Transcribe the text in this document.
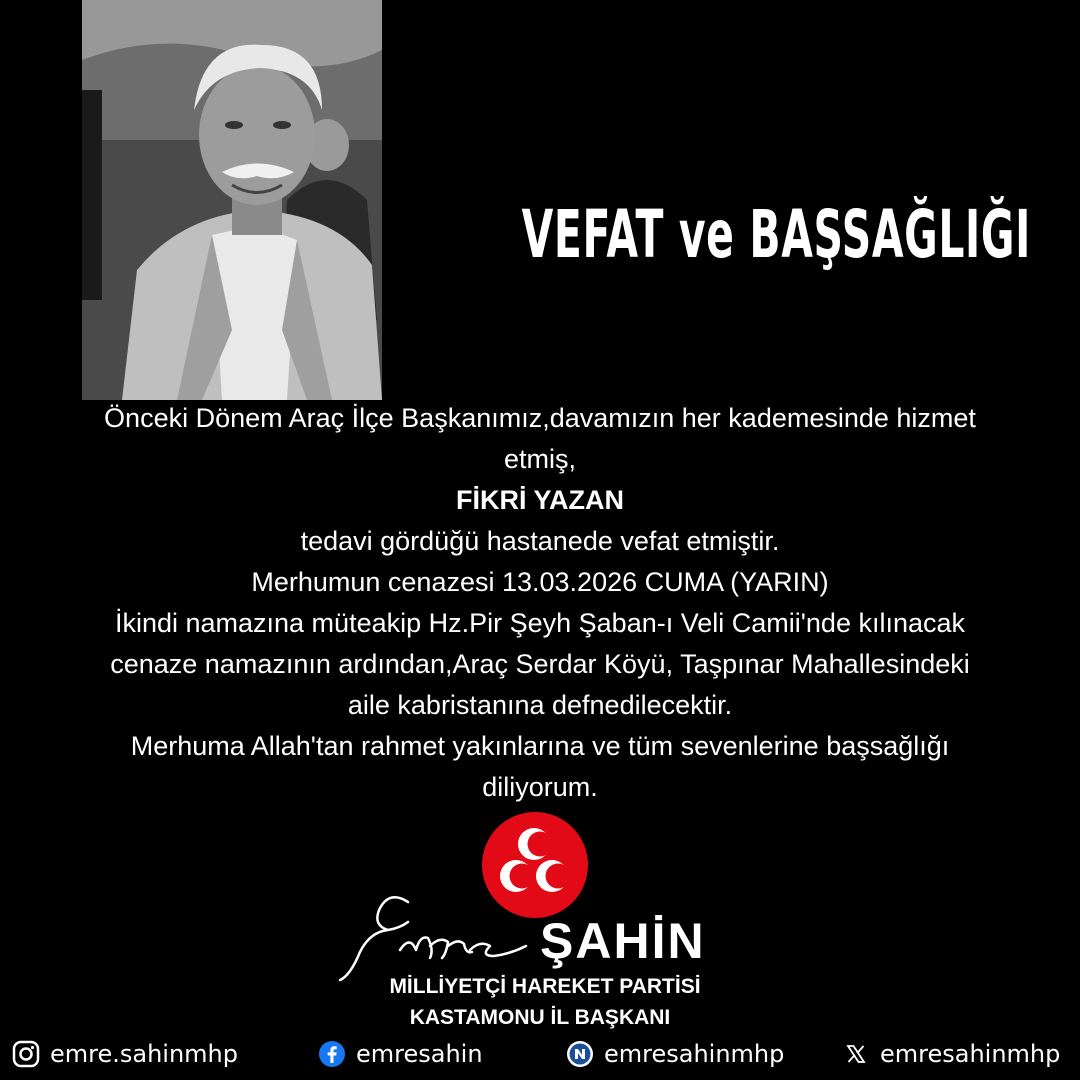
VEFAT ve BAŞSAĞLIĞI
Önceki Dönem Araç İlçe Başkanımız,davamızın her kademesinde hizmet
etmiş,
FİKRİ YAZAN
tedavi gördüğü hastanede vefat etmiştir.
Merhumun cenazesi 13.03.2026 CUMA (YARIN)
İkindi namazına müteakip Hz.Pir Şeyh Şaban-ı Veli Camii'nde kılınacak
cenaze namazının ardından,Araç Serdar Köyü, Taşpınar Mahallesindeki
aile kabristanına defnedilecektir.
Merhuma Allah'tan rahmet yakınlarına ve tüm sevenlerine başsağlığı
diliyorum.
ŞAHİN
MİLLİYETÇİ HAREKET PARTİSİ
KASTAMONU İL BAŞKANI
emre.sahinmhp	emresahin	emresahinmhp	emresahinmhp
